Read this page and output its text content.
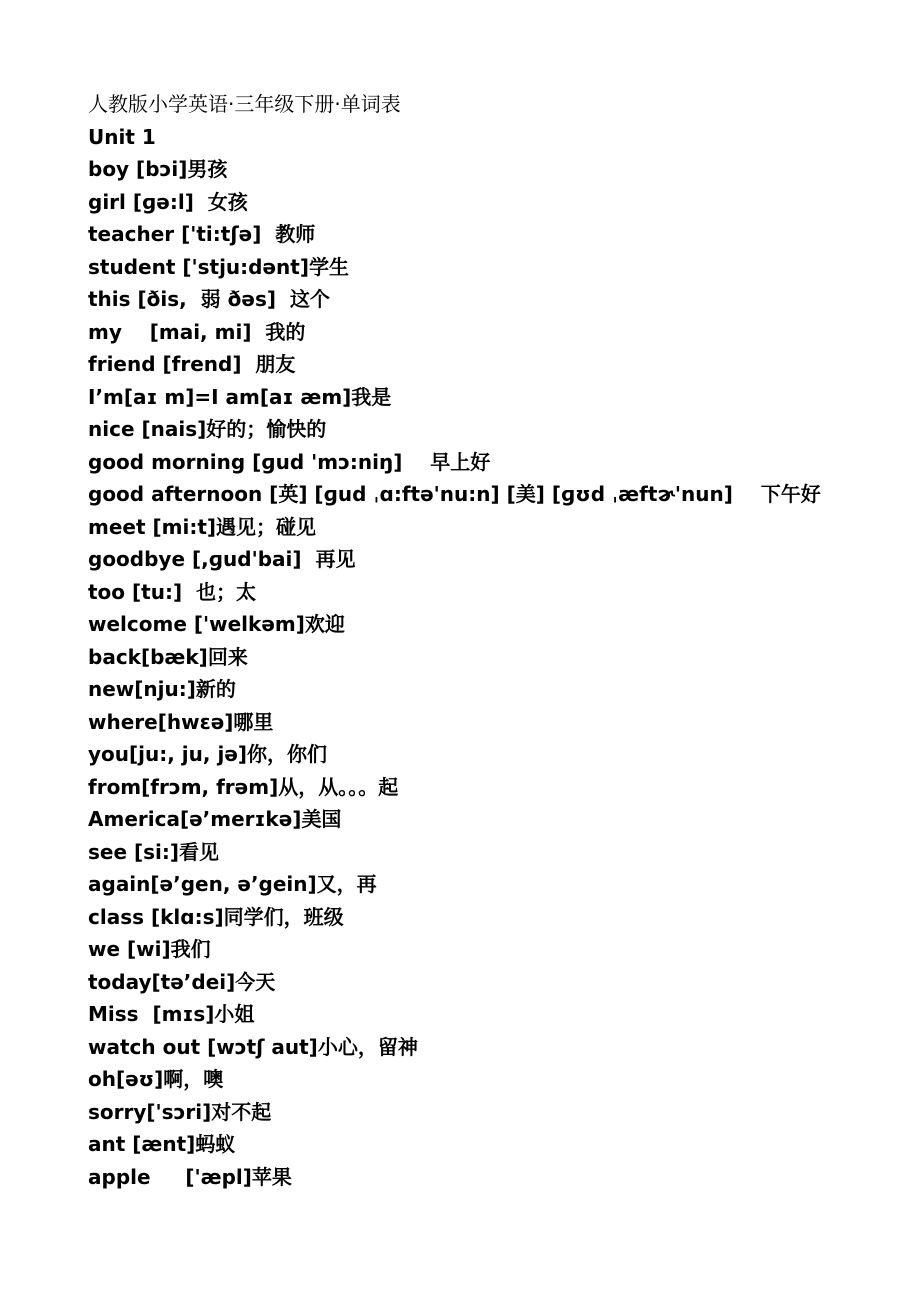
人教版小学英语·三年级下册·单词表
Unit 1
boy [bɔi]男孩
girl [ɡə:l]  女孩
teacher ['ti:tʃə]  教师
student ['stju:dənt]学生
this [ðis,  弱 ðəs]  这个
my    [mai, mi]  我的
friend [frend]  朋友
I’m[aɪ m]=I am[aɪ æm]我是
nice [nais]好的；愉快的
good morning [ɡud 'mɔ:niŋ]    早上好
good afternoon [英] [ɡud ˌɑ:ftə'nu:n] [美] [ɡʊd ˌæftɚ'nun]    下午好
meet [mi:t]遇见；碰见
goodbye [,ɡud'bai]  再见
too [tu:]  也；太
welcome ['welkəm]欢迎
back[bæk]回来
new[nju:]新的
where[hwɛə]哪里
you[ju:, ju, jə]你，你们
from[frɔm, frəm]从，从。。。起
America[ə’merɪkə]美国
see [si:]看见
again[ə’gen, ə’gein]又，再
class [klɑ:s]同学们，班级
we [wi]我们
today[tə’dei]今天
Miss  [mɪs]小姐
watch out [wɔtʃ aut]小心，留神
oh[əʊ]啊，噢
sorry['sɔri]对不起
ant [ænt]蚂蚁
apple     ['æpl]苹果
